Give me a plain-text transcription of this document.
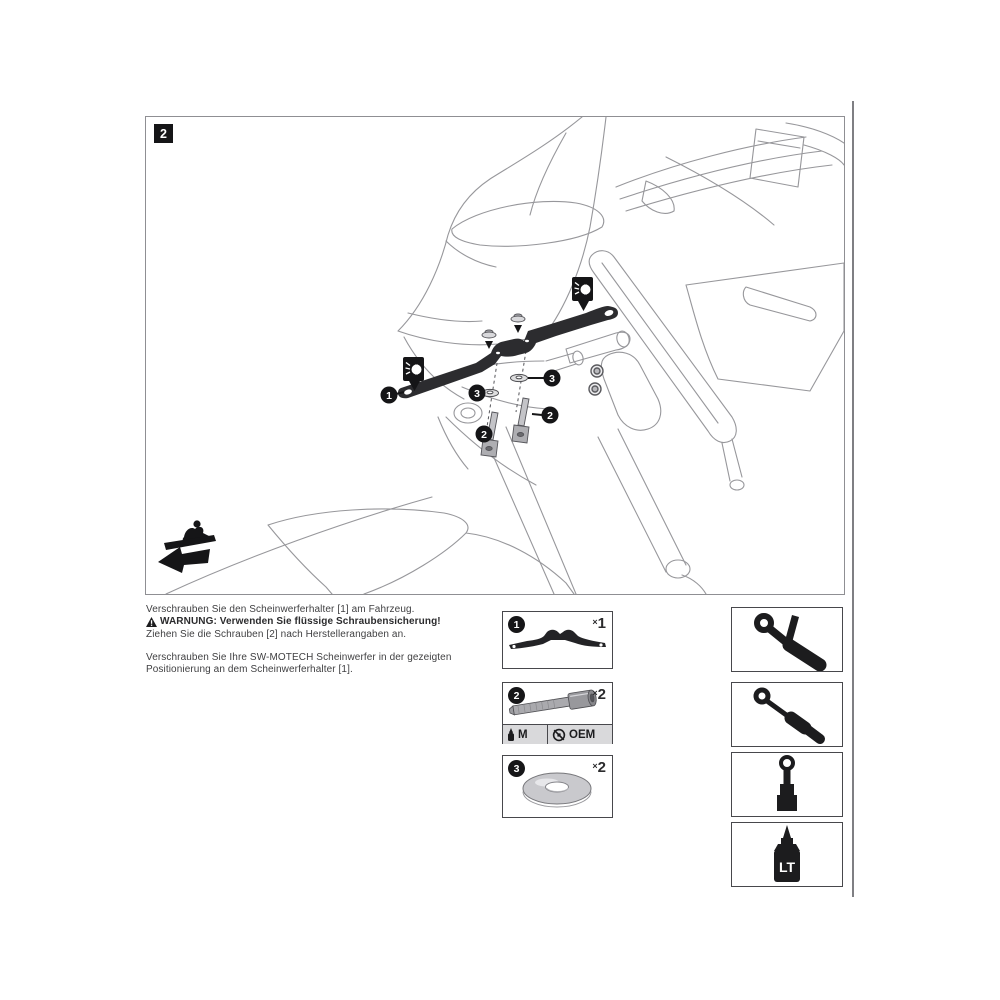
2
1	3
3
2
2
Verschrauben Sie den Scheinwerferhalter [1] am Fahrzeug.
WARNUNG: Verwenden Sie flüssige Schraubensicherung!
Ziehen Sie die Schrauben [2] nach Herstellerangaben an.
Verschrauben Sie Ihre SW-MOTECH Scheinwerfer in der gezeigten
Positionierung an dem Scheinwerferhalter [1].
1	×1
2	×2
M	OEM
3	×2
LT
